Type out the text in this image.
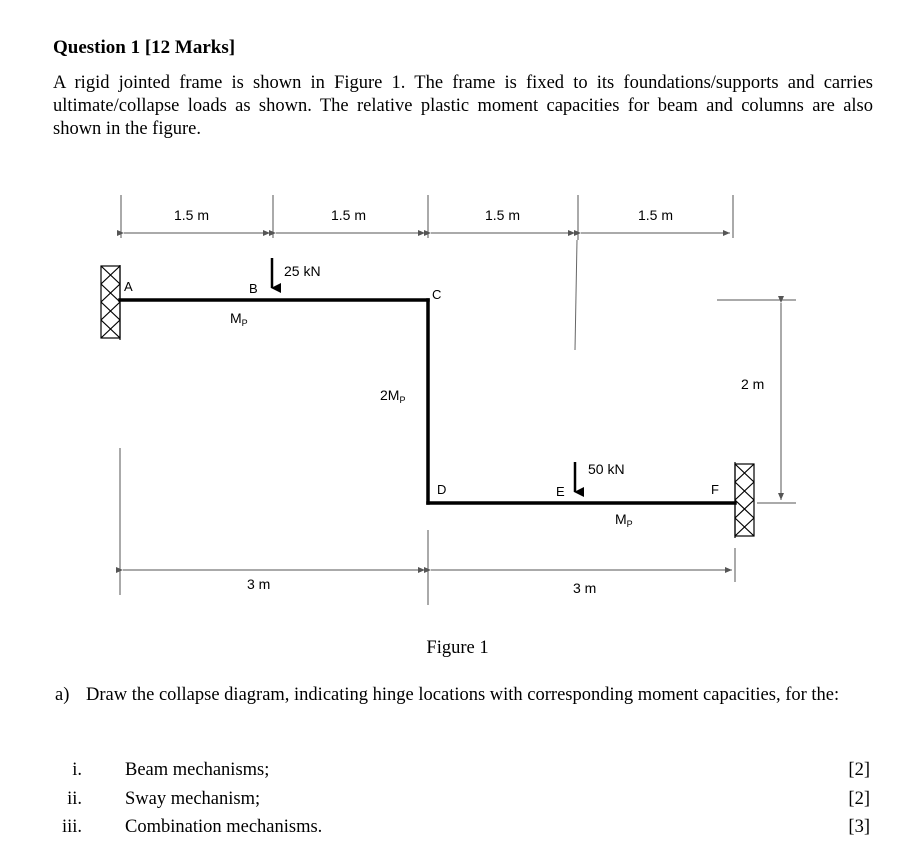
Question 1 [12 Marks]
A rigid jointed frame is shown in Figure 1. The frame is fixed to its foundations/supports and carries ultimate/collapse loads as shown. The relative plastic moment capacities for beam and columns are also shown in the figure.
1.5 m	1.5 m	1.5 m	1.5 m
25 kN
50 kN
A	B	C
D	E	F
$M_P$
$2M_P$
$M_P$
2 m
3 m	3 m
Figure 1
a) Draw the collapse diagram, indicating hinge locations with corresponding moment capacities, for the:
i. Beam mechanisms;	[2]
ii. Sway mechanism;	[2]
iii. Combination mechanisms.	[3]
